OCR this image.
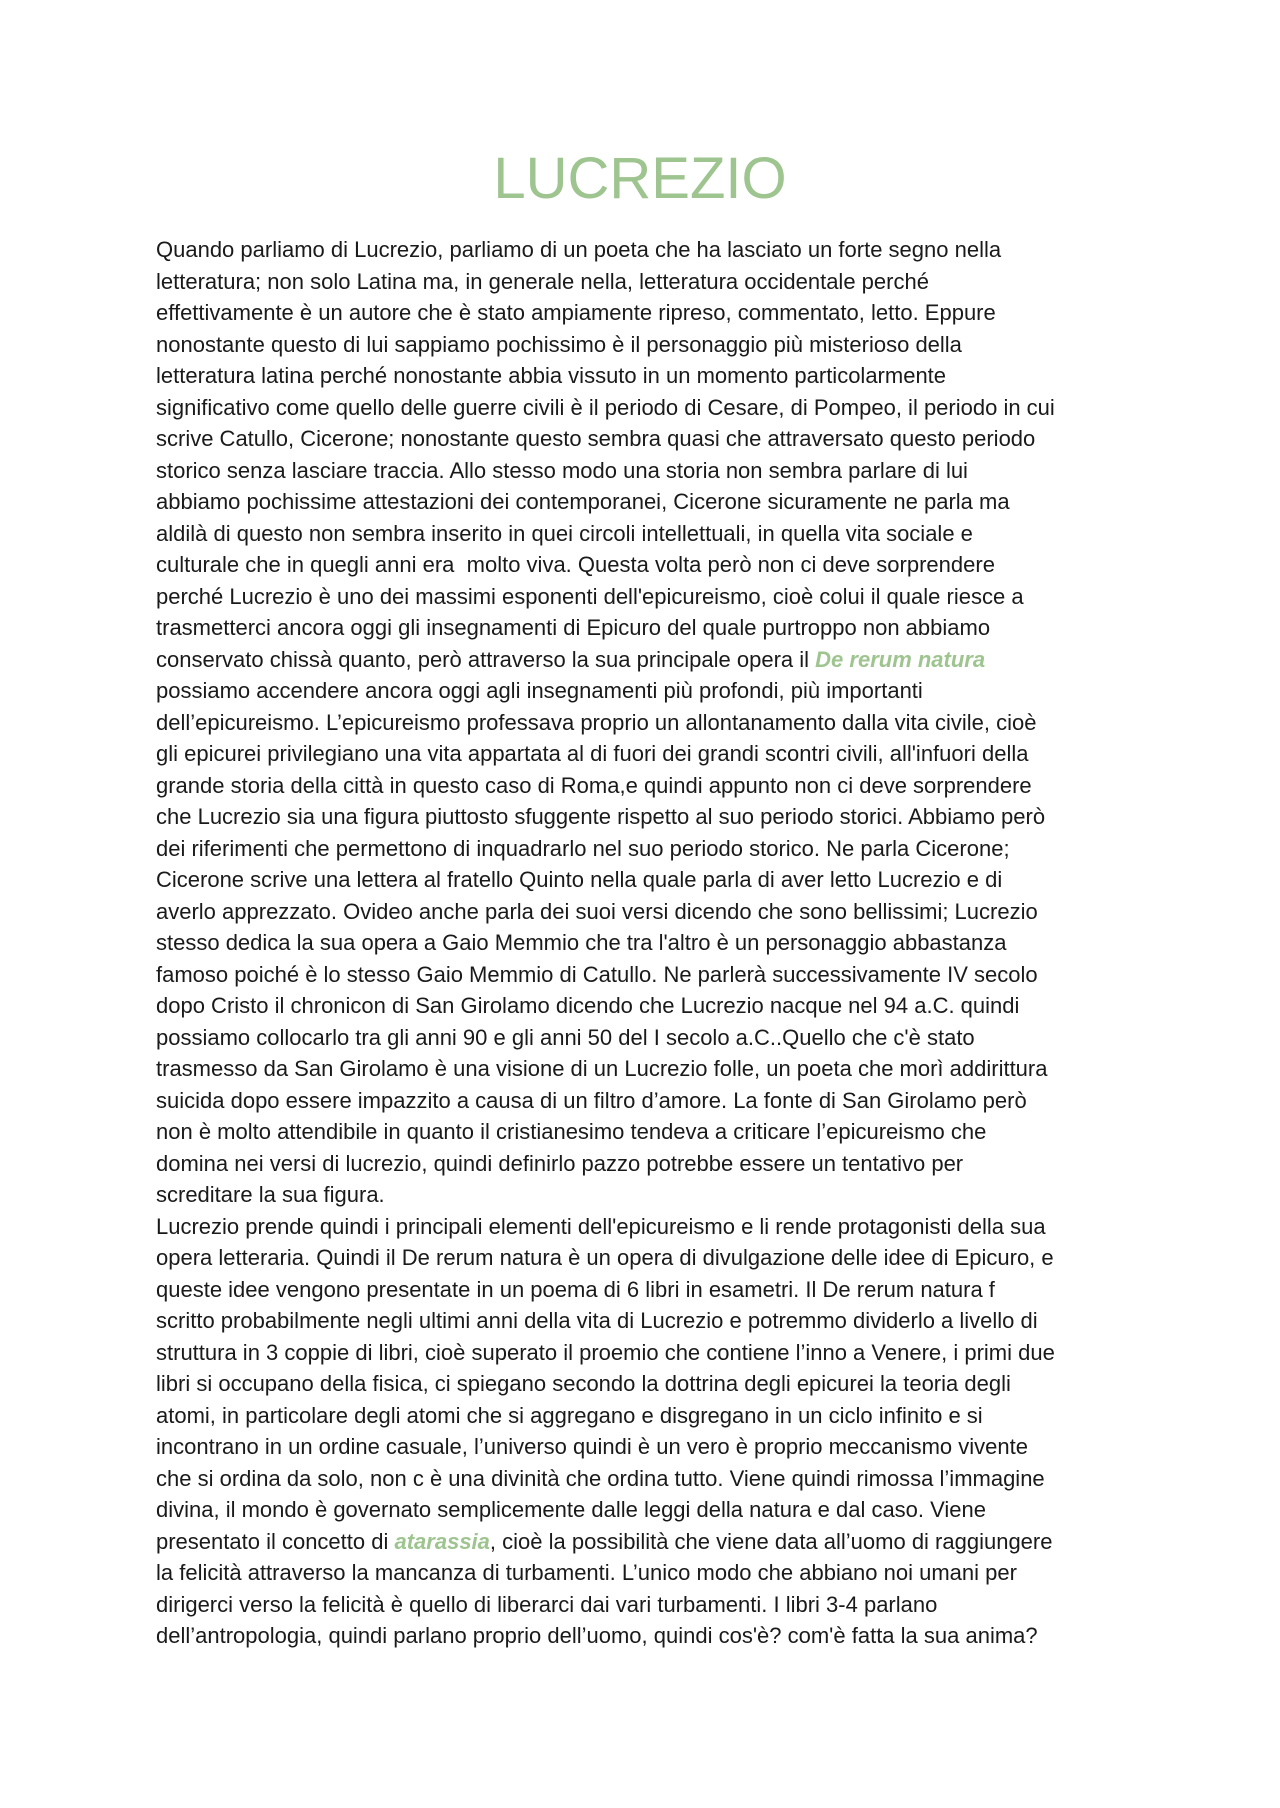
LUCREZIO
Quando parliamo di Lucrezio, parliamo di un poeta che ha lasciato un forte segno nella
letteratura; non solo Latina ma, in generale nella, letteratura occidentale perché
effettivamente è un autore che è stato ampiamente ripreso, commentato, letto. Eppure
nonostante questo di lui sappiamo pochissimo è il personaggio più misterioso della
letteratura latina perché nonostante abbia vissuto in un momento particolarmente
significativo come quello delle guerre civili è il periodo di Cesare, di Pompeo, il periodo in cui
scrive Catullo, Cicerone; nonostante questo sembra quasi che attraversato questo periodo
storico senza lasciare traccia. Allo stesso modo una storia non sembra parlare di lui
abbiamo pochissime attestazioni dei contemporanei, Cicerone sicuramente ne parla ma
aldilà di questo non sembra inserito in quei circoli intellettuali, in quella vita sociale e
culturale che in quegli anni era  molto viva. Questa volta però non ci deve sorprendere
perché Lucrezio è uno dei massimi esponenti dell'epicureismo, cioè colui il quale riesce a
trasmetterci ancora oggi gli insegnamenti di Epicuro del quale purtroppo non abbiamo
conservato chissà quanto, però attraverso la sua principale opera il De rerum natura
possiamo accendere ancora oggi agli insegnamenti più profondi, più importanti
dell’epicureismo. L’epicureismo professava proprio un allontanamento dalla vita civile, cioè
gli epicurei privilegiano una vita appartata al di fuori dei grandi scontri civili, all'infuori della
grande storia della città in questo caso di Roma,e quindi appunto non ci deve sorprendere
che Lucrezio sia una figura piuttosto sfuggente rispetto al suo periodo storici. Abbiamo però
dei riferimenti che permettono di inquadrarlo nel suo periodo storico. Ne parla Cicerone;
Cicerone scrive una lettera al fratello Quinto nella quale parla di aver letto Lucrezio e di
averlo apprezzato. Ovideo anche parla dei suoi versi dicendo che sono bellissimi; Lucrezio
stesso dedica la sua opera a Gaio Memmio che tra l'altro è un personaggio abbastanza
famoso poiché è lo stesso Gaio Memmio di Catullo. Ne parlerà successivamente IV secolo
dopo Cristo il chronicon di San Girolamo dicendo che Lucrezio nacque nel 94 a.C. quindi
possiamo collocarlo tra gli anni 90 e gli anni 50 del I secolo a.C..Quello che c'è stato
trasmesso da San Girolamo è una visione di un Lucrezio folle, un poeta che morì addirittura
suicida dopo essere impazzito a causa di un filtro d’amore. La fonte di San Girolamo però
non è molto attendibile in quanto il cristianesimo tendeva a criticare l’epicureismo che
domina nei versi di lucrezio, quindi definirlo pazzo potrebbe essere un tentativo per
screditare la sua figura.
Lucrezio prende quindi i principali elementi dell'epicureismo e li rende protagonisti della sua
opera letteraria. Quindi il De rerum natura è un opera di divulgazione delle idee di Epicuro, e
queste idee vengono presentate in un poema di 6 libri in esametri. Il De rerum natura f
scritto probabilmente negli ultimi anni della vita di Lucrezio e potremmo dividerlo a livello di
struttura in 3 coppie di libri, cioè superato il proemio che contiene l’inno a Venere, i primi due
libri si occupano della fisica, ci spiegano secondo la dottrina degli epicurei la teoria degli
atomi, in particolare degli atomi che si aggregano e disgregano in un ciclo infinito e si
incontrano in un ordine casuale, l’universo quindi è un vero è proprio meccanismo vivente
che si ordina da solo, non c è una divinità che ordina tutto. Viene quindi rimossa l’immagine
divina, il mondo è governato semplicemente dalle leggi della natura e dal caso. Viene
presentato il concetto di atarassia, cioè la possibilità che viene data all’uomo di raggiungere
la felicità attraverso la mancanza di turbamenti. L’unico modo che abbiano noi umani per
dirigerci verso la felicità è quello di liberarci dai vari turbamenti. I libri 3-4 parlano
dell’antropologia, quindi parlano proprio dell’uomo, quindi cos'è? com'è fatta la sua anima?
